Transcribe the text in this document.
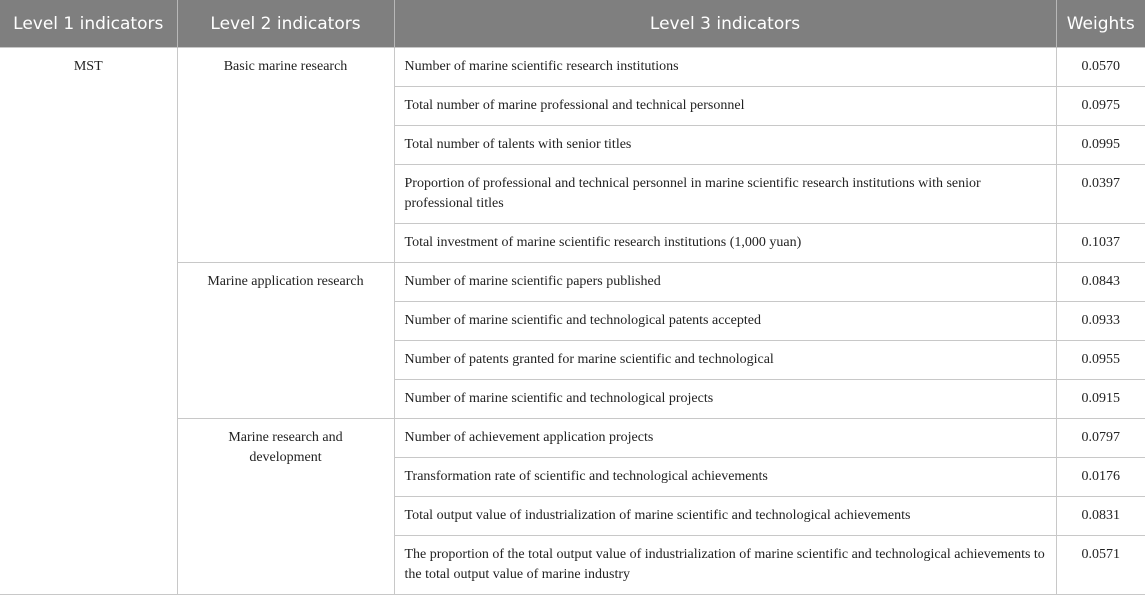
Level 1 indicators	Level 2 indicators	Level 3 indicators	Weights
MST	Basic marine research	Number of marine scientific research institutions	0.0570
		Total number of marine professional and technical personnel	0.0975
		Total number of talents with senior titles	0.0995
		Proportion of professional and technical personnel in marine scientific research institutions with senior professional titles	0.0397
		Total investment of marine scientific research institutions (1,000 yuan)	0.1037
	Marine application research	Number of marine scientific papers published	0.0843
		Number of marine scientific and technological patents accepted	0.0933
		Number of patents granted for marine scientific and technological	0.0955
		Number of marine scientific and technological projects	0.0915
	Marine research and development	Number of achievement application projects	0.0797
		Transformation rate of scientific and technological achievements	0.0176
		Total output value of industrialization of marine scientific and technological achievements	0.0831
		The proportion of the total output value of industrialization of marine scientific and technological achievements to the total output value of marine industry	0.0571
